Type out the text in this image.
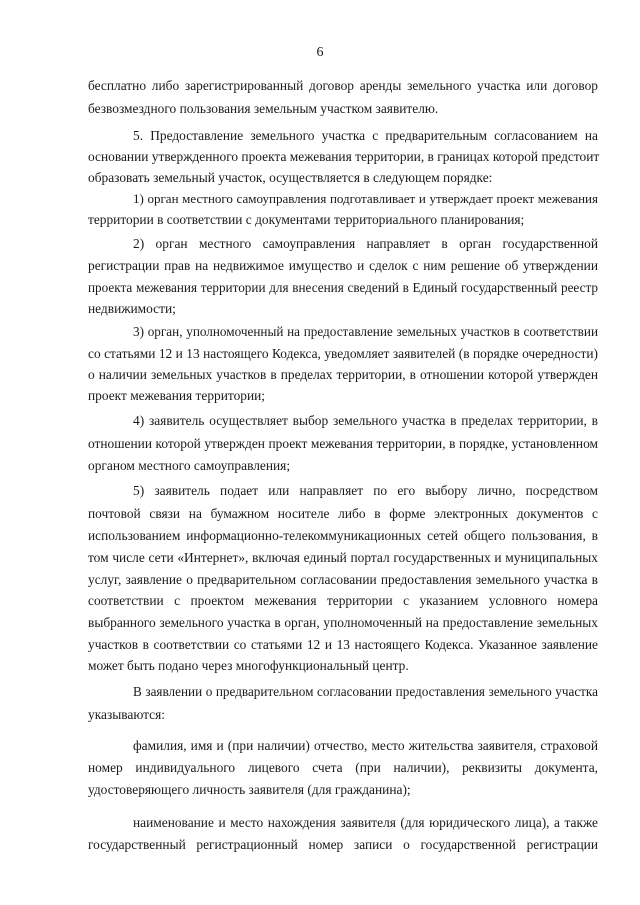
6
бесплатно либо зарегистрированный договор аренды земельного участка или договор
безвозмездного пользования земельным участком заявителю.
5. Предоставление земельного участка с предварительным согласованием на
основании утвержденного проекта межевания территории, в границах которой предстоит
образовать земельный участок, осуществляется в следующем порядке:
1) орган местного самоуправления подготавливает и утверждает проект межевания
территории в соответствии с документами территориального планирования;
2) орган местного самоуправления направляет в орган государственной
регистрации прав на недвижимое имущество и сделок с ним решение об утверждении
проекта межевания территории для внесения сведений в Единый государственный реестр
недвижимости;
3) орган, уполномоченный на предоставление земельных участков в соответствии
со статьями 12 и 13 настоящего Кодекса, уведомляет заявителей (в порядке очередности)
о наличии земельных участков в пределах территории, в отношении которой утвержден
проект межевания территории;
4) заявитель осуществляет выбор земельного участка в пределах территории, в
отношении которой утвержден проект межевания территории, в порядке, установленном
органом местного самоуправления;
5) заявитель подает или направляет по его выбору лично, посредством
почтовой связи на бумажном носителе либо в форме электронных документов с
использованием информационно-телекоммуникационных сетей общего пользования, в
том числе сети «Интернет», включая единый портал государственных и муниципальных
услуг, заявление о предварительном согласовании предоставления земельного участка в
соответствии с проектом межевания территории с указанием условного номера
выбранного земельного участка в орган, уполномоченный на предоставление земельных
участков в соответствии со статьями 12 и 13 настоящего Кодекса. Указанное заявление
может быть подано через многофункциональный центр.
В заявлении о предварительном согласовании предоставления земельного участка
указываются:
фамилия, имя и (при наличии) отчество, место жительства заявителя, страховой
номер индивидуального лицевого счета (при наличии), реквизиты документа,
удостоверяющего личность заявителя (для гражданина);
наименование и место нахождения заявителя (для юридического лица), а также
государственный регистрационный номер записи о государственной регистрации
